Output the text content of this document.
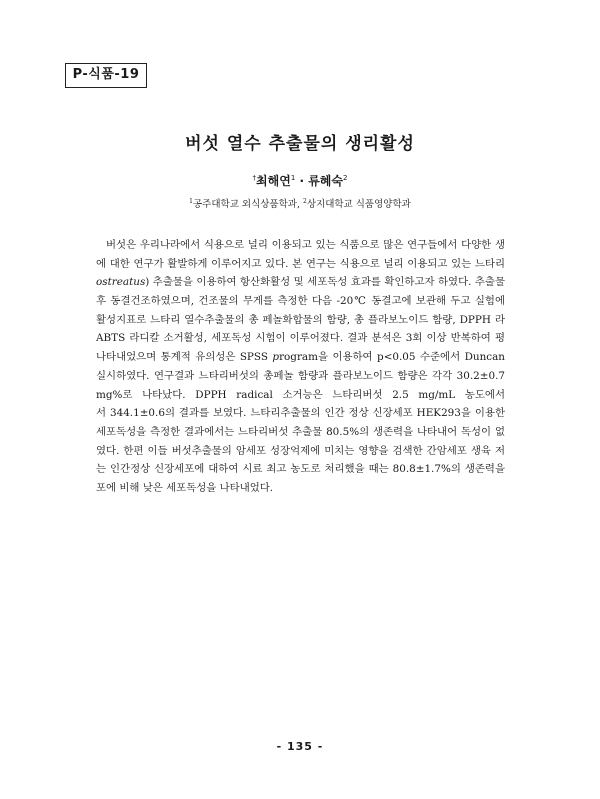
P-식품-19
버섯 열수 추출물의 생리활성
†최해연$^1$ · 류혜숙$^2$
$^1$공주대학교 외식상품학과, $^2$상지대학교 식품영양학과
버섯은 우리나라에서 식용으로 널리 이용되고 있는 식품으로 많은 연구들에서 다양한 생
에 대한 연구가 활발하게 이루어지고 있다. 본 연구는 식용으로 널리 이용되고 있는 느타리
ostreatus) 추출물을 이용하여 항산화활성 및 세포독성 효과를 확인하고자 하였다. 추출물
후 동결건조하였으며, 건조물의 무게를 측정한 다음 -20℃ 동결고에 보관해 두고 실험에
활성지표로 느타리 열수추출물의 총 페놀화합물의 함량, 총 플라보노이드 함량, DPPH 라
ABTS 라디칼 소거활성, 세포독성 시험이 이루어졌다. 결과 분석은 3회 이상 반복하여 평
나타내었으며 통계적 유의성은 SPSS program을 이용하여 p<0.05 수준에서 Duncan
실시하였다. 연구결과 느타리버섯의 총페놀 함량과 플라보노이드 함량은 각각 30.2±0.7
mg%로 나타났다. DPPH radical 소거능은 느타리버섯 2.5 mg/mL 농도에서
서 344.1±0.6의 결과를 보였다. 느타리추출물의 인간 정상 신장세포 HEK293을 이용한
세포독성을 측정한 결과에서는 느타리버섯 추출물 80.5%의 생존력을 나타내어 독성이 없
였다. 한편 이들 버섯추출물의 암세포 성장억제에 미치는 영향을 검색한 간암세포 생육 저
는 인간정상 신장세포에 대하여 시료 최고 농도로 처리했을 때는 80.8±1.7%의 생존력을
포에 비해 낮은 세포독성을 나타내었다.
- 135 -
